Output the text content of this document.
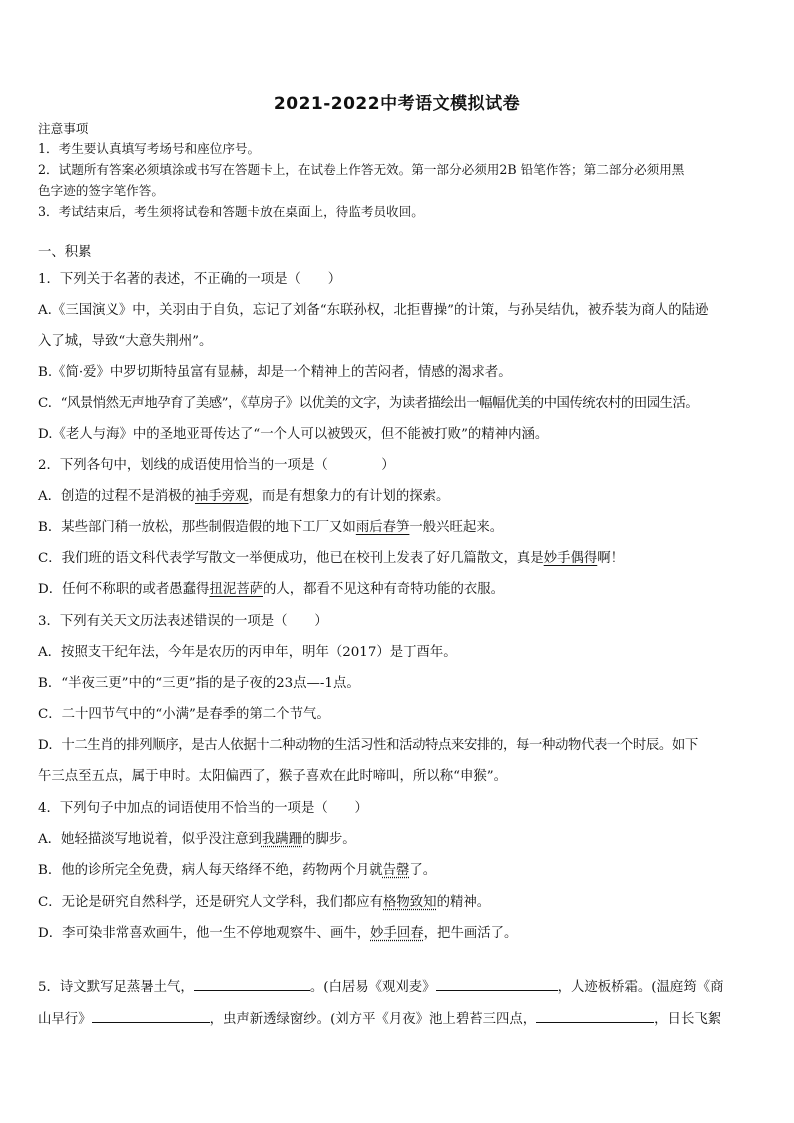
2021-2022中考语文模拟试卷
注意事项
1．考生要认真填写考场号和座位序号。
2．试题所有答案必须填涂或书写在答题卡上，在试卷上作答无效。第一部分必须用2B 铅笔作答；第二部分必须用黑
色字迹的签字笔作答。
3．考试结束后，考生须将试卷和答题卡放在桌面上，待监考员收回。
一、积累
1．下列关于名著的表述，不正确的一项是（　　）
A.《三国演义》中，关羽由于自负，忘记了刘备“东联孙权，北拒曹操”的计策，与孙吴结仇，被乔装为商人的陆逊
入了城，导致“大意失荆州”。
B.《简·爱》中罗切斯特虽富有显赫，却是一个精神上的苦闷者，情感的渴求者。
C．“风景悄然无声地孕育了美感”，《草房子》以优美的文字，为读者描绘出一幅幅优美的中国传统农村的田园生活。
D.《老人与海》中的圣地亚哥传达了“一个人可以被毁灭，但不能被打败”的精神内涵。
2．下列各句中，划线的成语使用恰当的一项是（　　　　）
A．创造的过程不是消极的袖手旁观，而是有想象力的有计划的探索。
B．某些部门稍一放松，那些制假造假的地下工厂又如雨后春笋一般兴旺起来。
C．我们班的语文科代表学写散文一举便成功，他已在校刊上发表了好几篇散文，真是妙手偶得啊！
D．任何不称职的或者愚蠢得扭泥菩萨的人，都看不见这种有奇特功能的衣服。
3．下列有关天文历法表述错误的一项是（　　）
A．按照支干纪年法，今年是农历的丙申年，明年（2017）是丁酉年。
B．“半夜三更”中的“三更”指的是子夜的23点—-1点。
C．二十四节气中的“小满”是春季的第二个节气。
D．十二生肖的排列顺序，是古人依据十二种动物的生活习性和活动特点来安排的，每一种动物代表一个时辰。如下
午三点至五点，属于申时。太阳偏西了，猴子喜欢在此时啼叫，所以称“申猴”。
4．下列句子中加点的词语使用不恰当的一项是（　　）
A．她轻描淡写地说着，似乎没注意到我蹒跚的脚步。
B．他的诊所完全免费，病人每天络绎不绝，药物两个月就告罄了。
C．无论是研究自然科学，还是研究人文学科，我们都应有格物致知的精神。
D．李可染非常喜欢画牛，他一生不停地观察牛、画牛，妙手回春，把牛画活了。
5．诗文默写足蒸暑土气，	。(白居易《观刈麦》	，人迹板桥霜。(温庭筠《商
山早行》	，虫声新透绿窗纱。(刘方平《月夜》池上碧苔三四点，	，日长飞絮
